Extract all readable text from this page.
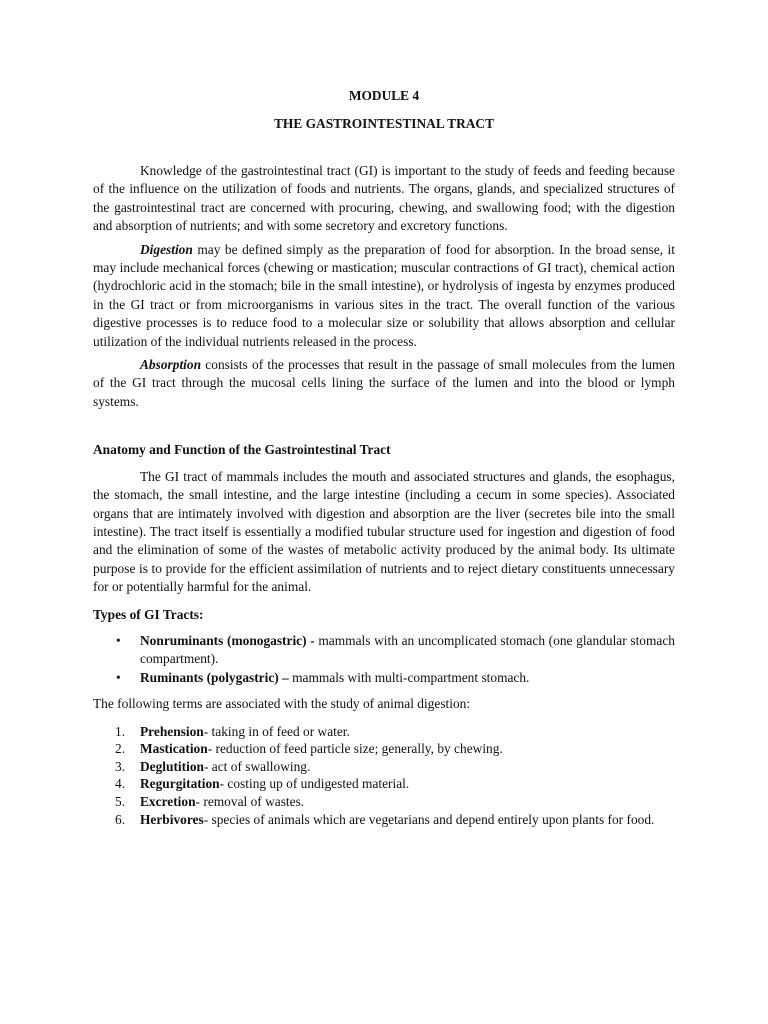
MODULE 4
THE GASTROINTESTINAL TRACT

Knowledge of the gastrointestinal tract (GI) is important to the study of feeds and feeding because of the influence on the utilization of foods and nutrients. The organs, glands, and specialized structures of the gastrointestinal tract are concerned with procuring, chewing, and swallowing food; with the digestion and absorption of nutrients; and with some secretory and excretory functions.

Digestion may be defined simply as the preparation of food for absorption. In the broad sense, it may include mechanical forces (chewing or mastication; muscular contractions of GI tract), chemical action (hydrochloric acid in the stomach; bile in the small intestine), or hydrolysis of ingesta by enzymes produced in the GI tract or from microorganisms in various sites in the tract. The overall function of the various digestive processes is to reduce food to a molecular size or solubility that allows absorption and cellular utilization of the individual nutrients released in the process.

Absorption consists of the processes that result in the passage of small molecules from the lumen of the GI tract through the mucosal cells lining the surface of the lumen and into the blood or lymph systems.

Anatomy and Function of the Gastrointestinal Tract

The GI tract of mammals includes the mouth and associated structures and glands, the esophagus, the stomach, the small intestine, and the large intestine (including a cecum in some species). Associated organs that are intimately involved with digestion and absorption are the liver (secretes bile into the small intestine). The tract itself is essentially a modified tubular structure used for ingestion and digestion of food and the elimination of some of the wastes of metabolic activity produced by the animal body. Its ultimate purpose is to provide for the efficient assimilation of nutrients and to reject dietary constituents unnecessary for or potentially harmful for the animal.

Types of GI Tracts:
• Nonruminants (monogastric) - mammals with an uncomplicated stomach (one glandular stomach compartment).
• Ruminants (polygastric) – mammals with multi-compartment stomach.

The following terms are associated with the study of animal digestion:

1. Prehension- taking in of feed or water.
2. Mastication- reduction of feed particle size; generally, by chewing.
3. Deglutition- act of swallowing.
4. Regurgitation- costing up of undigested material.
5. Excretion- removal of wastes.
6. Herbivores- species of animals which are vegetarians and depend entirely upon plants for food.
